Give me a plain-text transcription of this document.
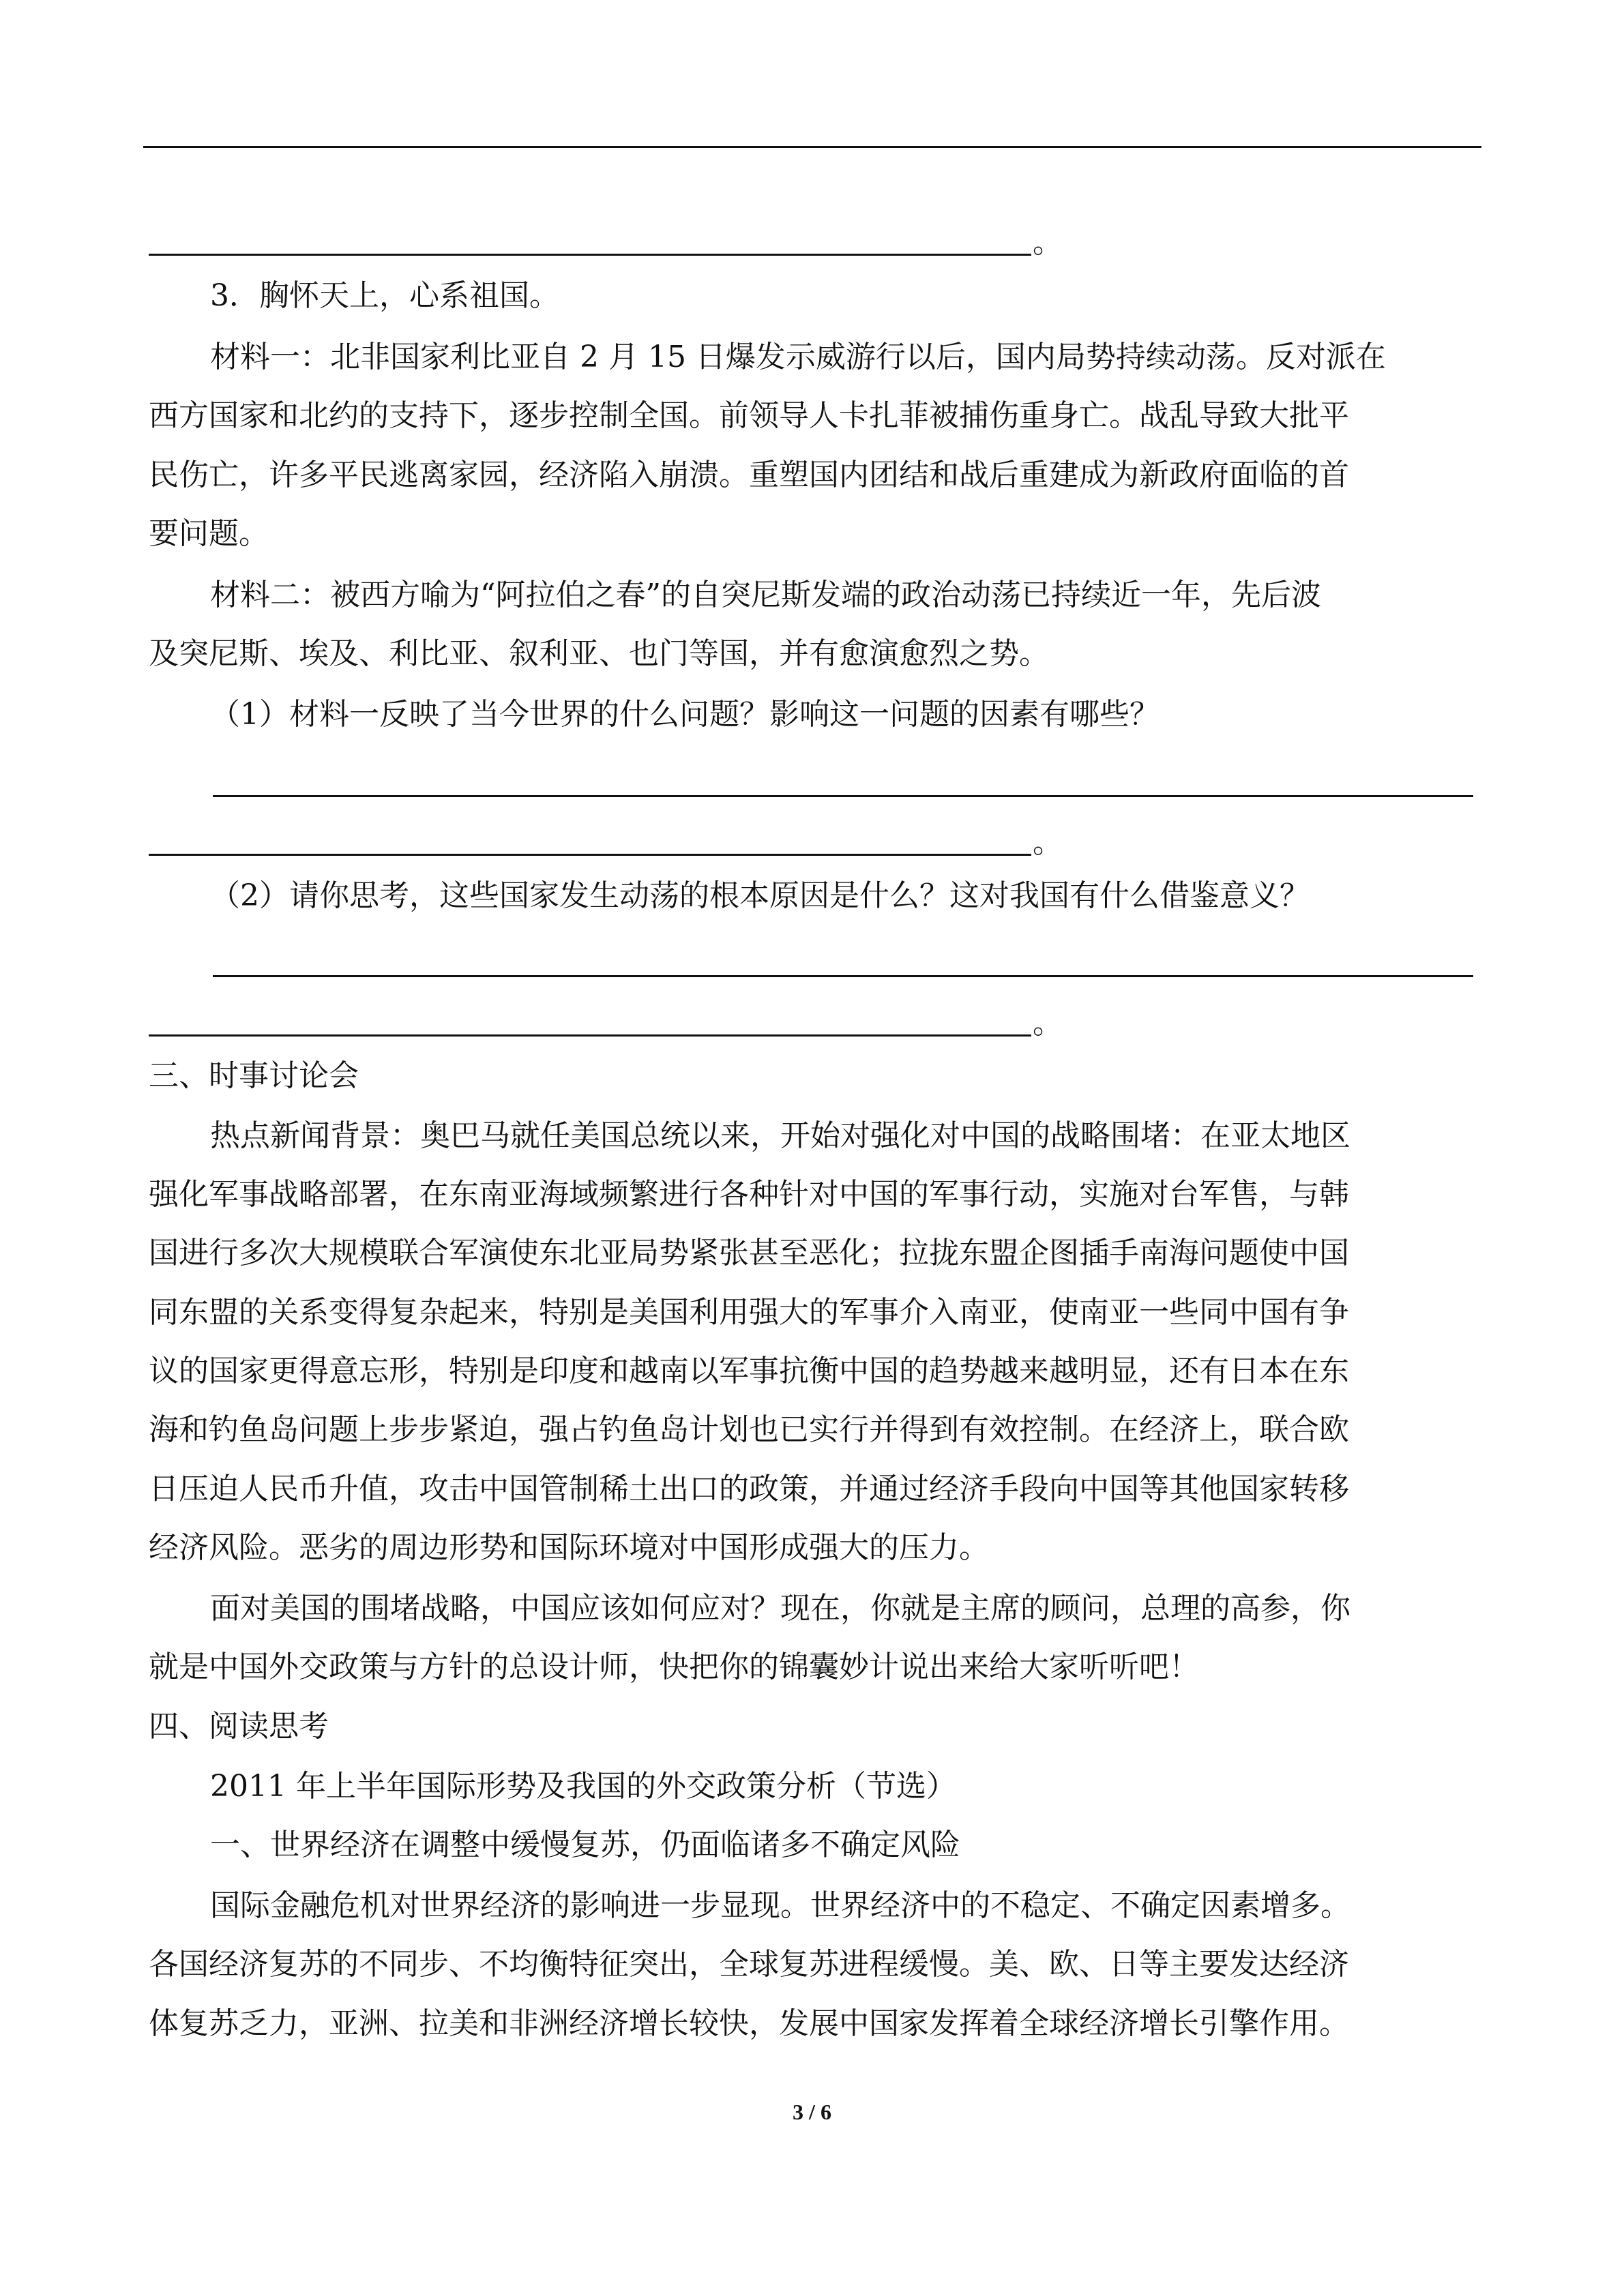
。

3．胸怀天上，心系祖国。

材料一：北非国家利比亚自 2 月 15 日爆发示威游行以后，国内局势持续动荡。反对派在

西方国家和北约的支持下，逐步控制全国。前领导人卡扎菲被捕伤重身亡。战乱导致大批平

民伤亡，许多平民逃离家园，经济陷入崩溃。重塑国内团结和战后重建成为新政府面临的首

要问题。

材料二：被西方喻为“阿拉伯之春”的自突尼斯发端的政治动荡已持续近一年，先后波

及突尼斯、埃及、利比亚、叙利亚、也门等国，并有愈演愈烈之势。

（1）材料一反映了当今世界的什么问题？影响这一问题的因素有哪些？

。

（2）请你思考，这些国家发生动荡的根本原因是什么？这对我国有什么借鉴意义？

。

三、时事讨论会

热点新闻背景：奥巴马就任美国总统以来，开始对强化对中国的战略围堵：在亚太地区

强化军事战略部署，在东南亚海域频繁进行各种针对中国的军事行动，实施对台军售，与韩

国进行多次大规模联合军演使东北亚局势紧张甚至恶化；拉拢东盟企图插手南海问题使中国

同东盟的关系变得复杂起来，特别是美国利用强大的军事介入南亚，使南亚一些同中国有争

议的国家更得意忘形，特别是印度和越南以军事抗衡中国的趋势越来越明显，还有日本在东

海和钓鱼岛问题上步步紧迫，强占钓鱼岛计划也已实行并得到有效控制。在经济上，联合欧

日压迫人民币升值，攻击中国管制稀土出口的政策，并通过经济手段向中国等其他国家转移

经济风险。恶劣的周边形势和国际环境对中国形成强大的压力。

面对美国的围堵战略，中国应该如何应对？现在，你就是主席的顾问，总理的高参，你

就是中国外交政策与方针的总设计师，快把你的锦囊妙计说出来给大家听听吧！

四、阅读思考

2011 年上半年国际形势及我国的外交政策分析（节选）

一、世界经济在调整中缓慢复苏，仍面临诸多不确定风险

国际金融危机对世界经济的影响进一步显现。世界经济中的不稳定、不确定因素增多。

各国经济复苏的不同步、不均衡特征突出，全球复苏进程缓慢。美、欧、日等主要发达经济

体复苏乏力，亚洲、拉美和非洲经济增长较快，发展中国家发挥着全球经济增长引擎作用。

3 / 6
